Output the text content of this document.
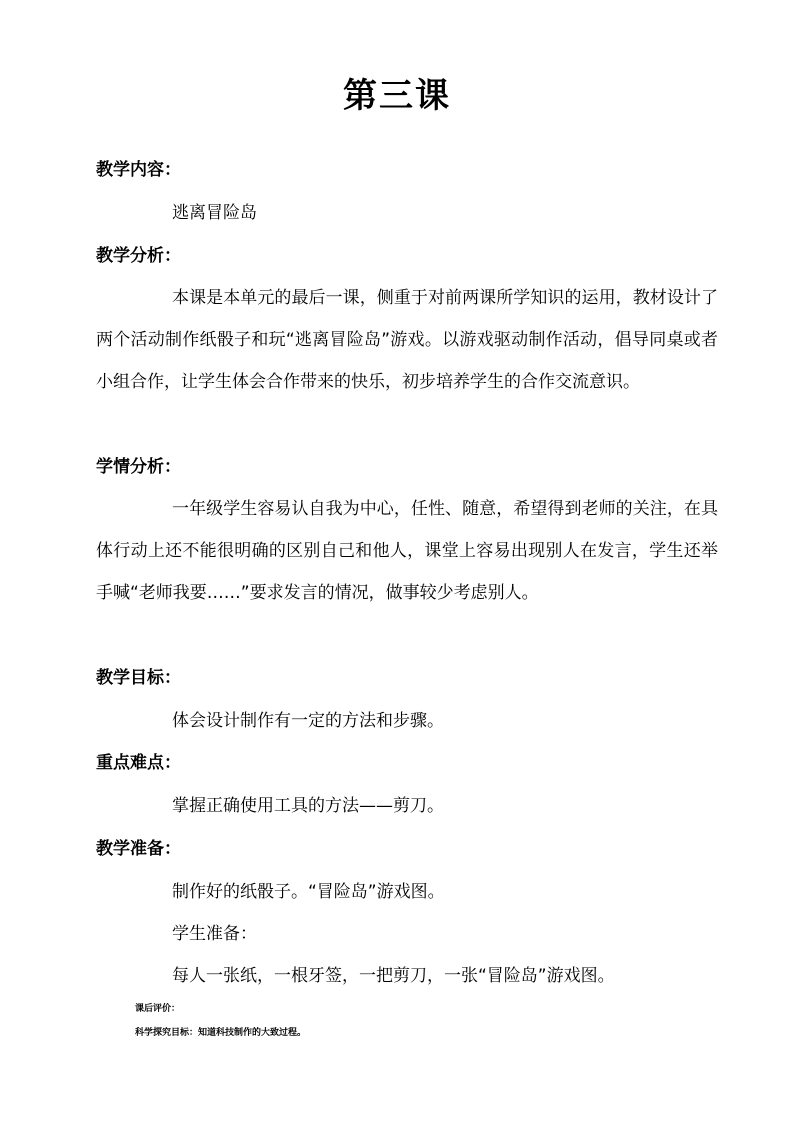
第三课
教学内容：
逃离冒险岛
教学分析：
本课是本单元的最后一课，侧重于对前两课所学知识的运用，教材设计了两个活动制作纸骰子和玩“逃离冒险岛”游戏。以游戏驱动制作活动，倡导同桌或者小组合作，让学生体会合作带来的快乐，初步培养学生的合作交流意识。
学情分析：
一年级学生容易认自我为中心，任性、随意，希望得到老师的关注，在具体行动上还不能很明确的区别自己和他人，课堂上容易出现别人在发言，学生还举手喊“老师我要……”要求发言的情况，做事较少考虑别人。
教学目标：
体会设计制作有一定的方法和步骤。
重点难点：
掌握正确使用工具的方法——剪刀。
教学准备：
制作好的纸骰子。“冒险岛”游戏图。
学生准备：
每人一张纸，一根牙签，一把剪刀，一张“冒险岛”游戏图。
课后评价：
科学探究目标：知道科技制作的大致过程。
